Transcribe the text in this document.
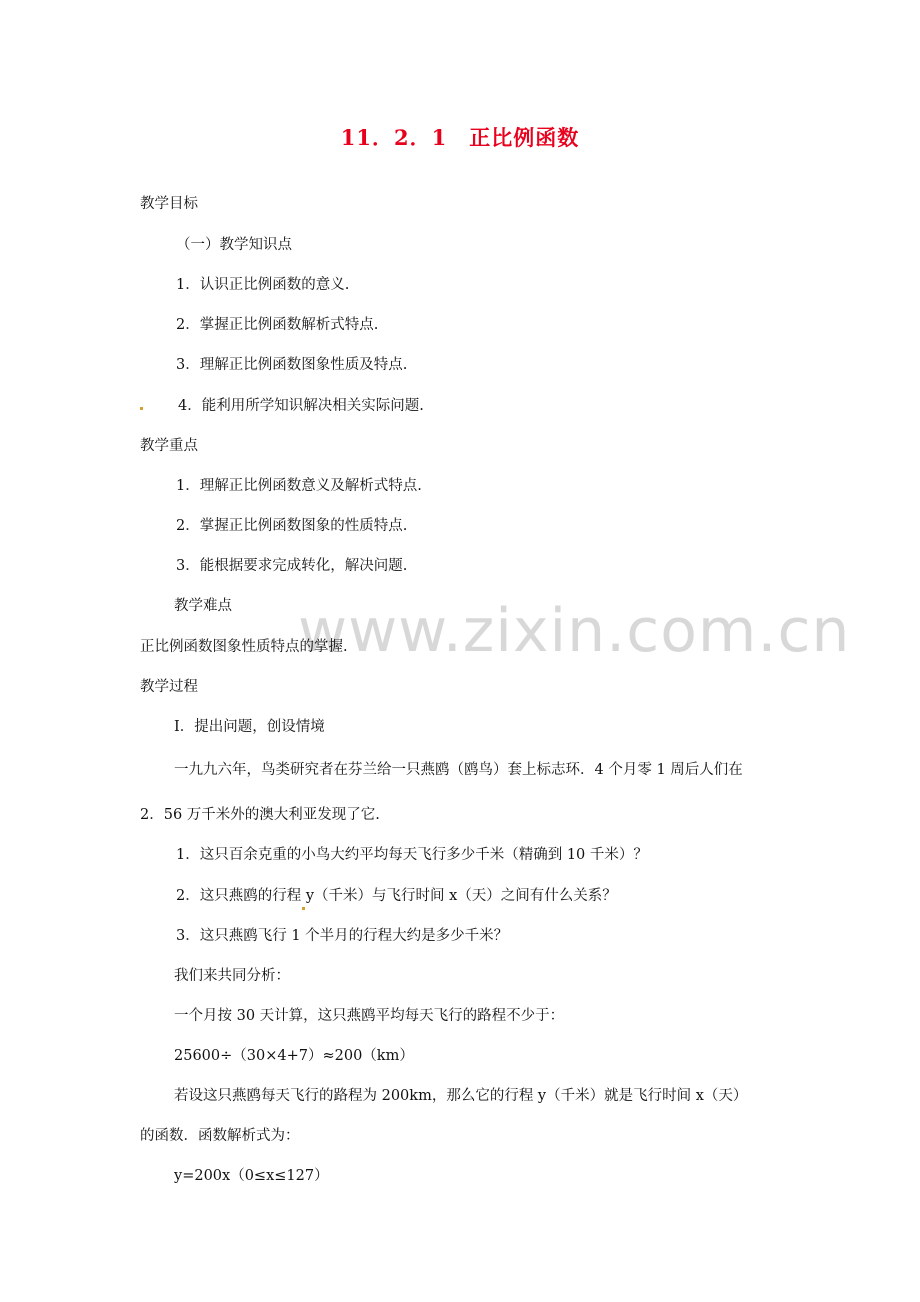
11．2．1　正比例函数
www.zixin.com.cn
教学目标
（一）教学知识点
1．认识正比例函数的意义.
2．掌握正比例函数解析式特点.
3．理解正比例函数图象性质及特点.
4．能利用所学知识解决相关实际问题.
教学重点
1．理解正比例函数意义及解析式特点.
2．掌握正比例函数图象的性质特点.
3．能根据要求完成转化，解决问题.
教学难点
正比例函数图象性质特点的掌握.
教学过程
Ⅰ．提出问题，创设情境
一九九六年，鸟类研究者在芬兰给一只燕鸥（鸥鸟）套上标志环．4 个月零 1 周后人们在
2．56 万千米外的澳大利亚发现了它.
1．这只百余克重的小鸟大约平均每天飞行多少千米（精确到 10 千米）？
2．这只燕鸥的行程 y（千米）与飞行时间 x（天）之间有什么关系？
3．这只燕鸥飞行 1 个半月的行程大约是多少千米？
我们来共同分析：
一个月按 30 天计算，这只燕鸥平均每天飞行的路程不少于：
25600÷（30×4+7）≈200（km）
若设这只燕鸥每天飞行的路程为 200km，那么它的行程 y（千米）就是飞行时间 x（天）
的函数．函数解析式为：
y=200x（0≤x≤127）
